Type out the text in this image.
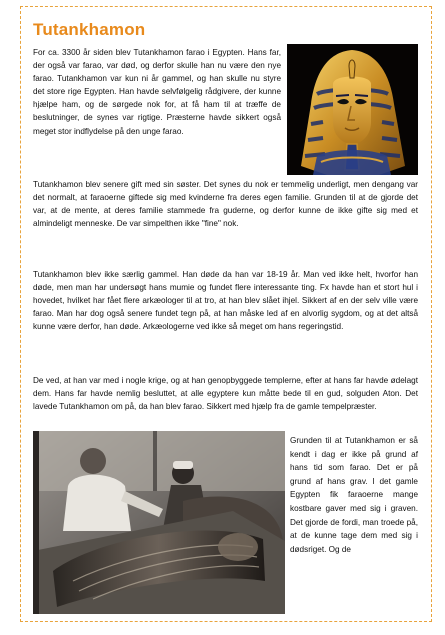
Tutankhamon

For ca. 3300 år siden blev Tutankhamon farao i Egypten. Hans far, der også var farao, var død, og derfor skulle han nu være den nye farao. Tutankhamon var kun ni år gammel, og han skulle nu styre det store rige Egypten. Han havde selvfølgelig rådgivere, der kunne hjælpe ham, og de sørgede nok for, at få ham til at træffe de beslutninger, de synes var rigtige. Præsterne havde sikkert også meget stor indflydelse på den unge farao.

Tutankhamon blev senere gift med sin søster. Det synes du nok er temmelig underligt, men dengang var det normalt, at faraoerne giftede sig med kvinderne fra deres egen familie. Grunden til at de gjorde det var, at de mente, at deres familie stammede fra guderne, og derfor kunne de ikke gifte sig med et almindeligt menneske. De var simpelthen ikke "fine" nok.

Tutankhamon blev ikke særlig gammel. Han døde da han var 18-19 år. Man ved ikke helt, hvorfor han døde, men man har undersøgt hans mumie og fundet flere interessante ting. Fx havde han et stort hul i hovedet, hvilket har fået flere arkæologer til at tro, at han blev slået ihjel. Sikkert af en der selv ville være farao. Man har dog også senere fundet tegn på, at han måske led af en alvorlig sygdom, og at det altså kunne være derfor, han døde. Arkæologerne ved ikke så meget om hans regeringstid.

De ved, at han var med i nogle krige, og at han genopbyggede templerne, efter at hans far havde ødelagt dem. Hans far havde nemlig besluttet, at alle egyptere kun måtte bede til en gud, solguden Aton. Det lavede Tutankhamon om på, da han blev farao. Sikkert med hjælp fra de gamle tempelpræster.

Grunden til at Tutankhamon er så kendt i dag er ikke på grund af hans tid som farao. Det er på grund af hans grav. I det gamle Egypten fik faraoerne mange kostbare gaver med sig i graven. Det gjorde de fordi, man troede på, at de kunne tage dem med sig i dødsriget. Og de
